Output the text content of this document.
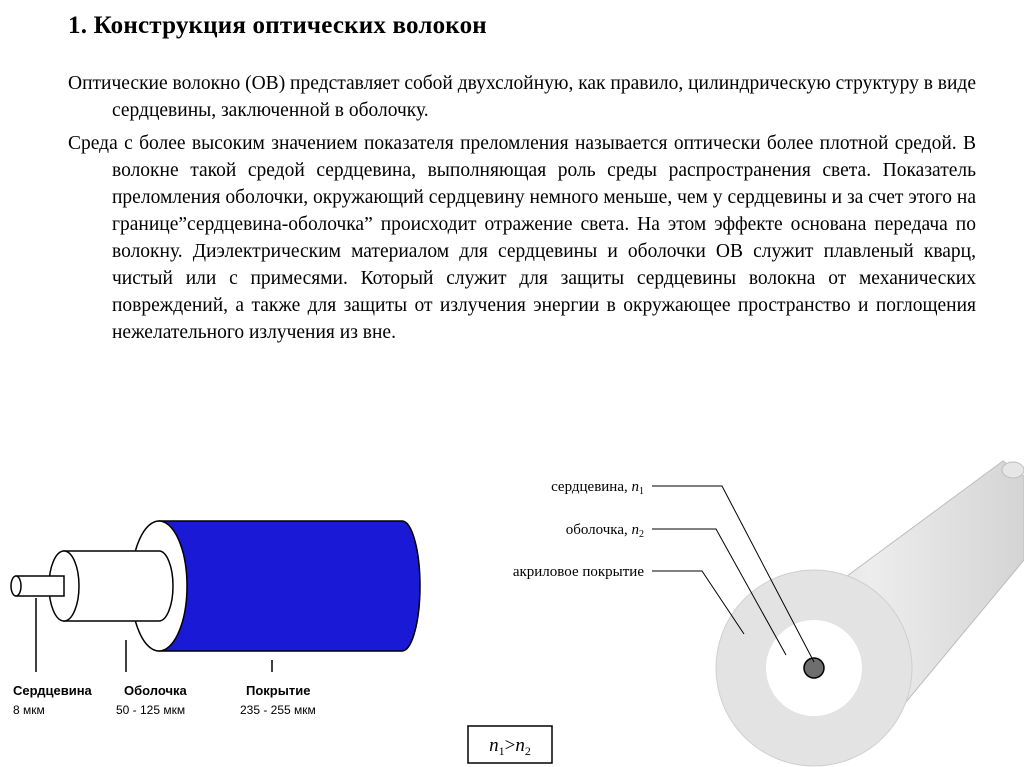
1. Конструкция оптических волокон
Оптические волокно (ОВ) представляет собой двухслойную, как правило, цилиндрическую структуру в виде сердцевины, заключенной в оболочку.
Среда с более высоким значением показателя преломления называется оптически более плотной средой. В волокне такой средой сердцевина, выполняющая роль среды распространения света. Показатель преломления оболочки, окружающий сердцевину немного меньше, чем у сердцевины и за счет этого на границе”сердцевина-оболочка” происходит отражение света. На этом эффекте основана передача по волокну. Диэлектрическим материалом для сердцевины и оболочки ОВ служит плавленый кварц, чистый или с примесями. Который служит для защиты сердцевины волокна от механических повреждений, а также для защиты от излучения энергии в окружающее пространство и поглощения нежелательного излучения из вне.
Сердцевина
8 мкм
Оболочка
50 - 125 мкм
Покрытие
235 - 255 мкм
сердцевина, $n_1$
оболочка, $n_2$
акриловое покрытие
$n_1>n_2$
